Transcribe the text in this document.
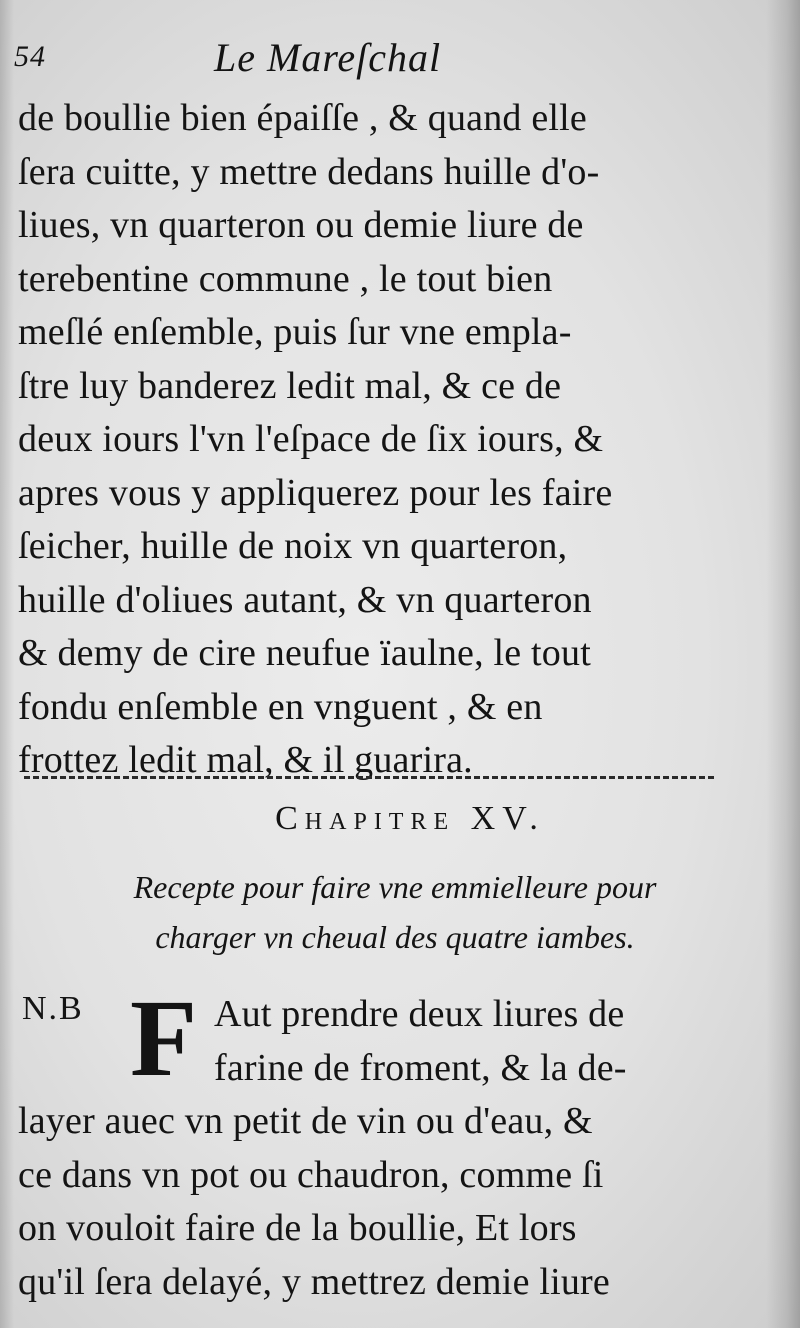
54	Le Mareſchal
de boullie bien épaiſſe , & quand elle
ſera cuitte, y mettre dedans huille d'o-
liues, vn quarteron ou demie liure de
terebentine commune , le tout bien
meſlé enſemble, puis ſur vne empla-
ſtre luy banderez ledit mal, & ce de
deux iours l'vn l'eſpace de ſix iours, &
apres vous y appliquerez pour les faire
ſeicher, huille de noix vn quarteron,
huille d'oliues autant, & vn quarteron
& demy de cire neufue ïaulne, le tout
fondu enſemble en vnguent , & en
frottez ledit mal, & il guarira.
Chapitre XV.
Recepte pour faire vne emmielleure pour
charger vn cheual des quatre iambes.
Aut prendre deux liures de
farine de froment, & la de-
layer auec vn petit de vin ou d'eau, &
ce dans vn pot ou chaudron, comme ſi
on vouloit faire de la boullie, Et lors
qu'il ſera delayé, y mettrez demie liure
N.B F
